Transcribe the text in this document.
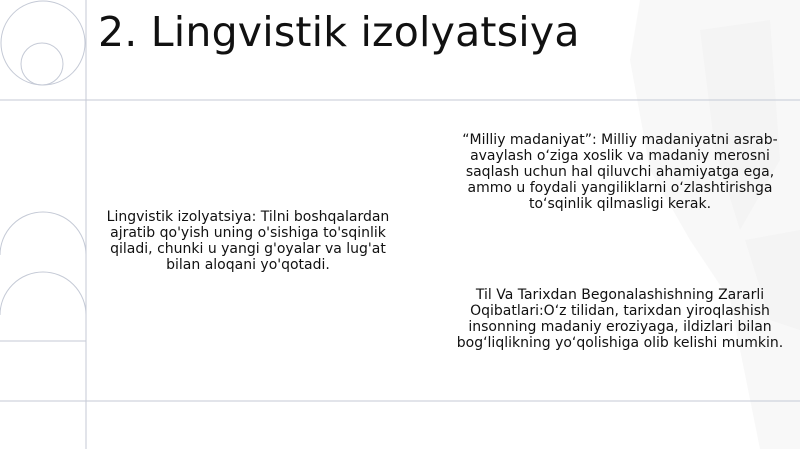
2. Lingvistik izolyatsiya

Lingvistik izolyatsiya: Tilni boshqalardan ajratib qo'yish uning o'sishiga to'sqinlik qiladi, chunki u yangi g'oyalar va lug'at bilan aloqani yo'qotadi.

“Milliy madaniyat”: Milliy madaniyatni asrab-avaylash o‘ziga xoslik va madaniy merosni saqlash uchun hal qiluvchi ahamiyatga ega, ammo u foydali yangiliklarni o‘zlashtirishga to‘sqinlik qilmasligi kerak.

Til Va Tarixdan Begonalashishning Zararli Oqibatlari:O‘z tilidan, tarixdan yiroqlashish insonning madaniy eroziyaga, ildizlari bilan bog‘liqlikning yo‘qolishiga olib kelishi mumkin.
